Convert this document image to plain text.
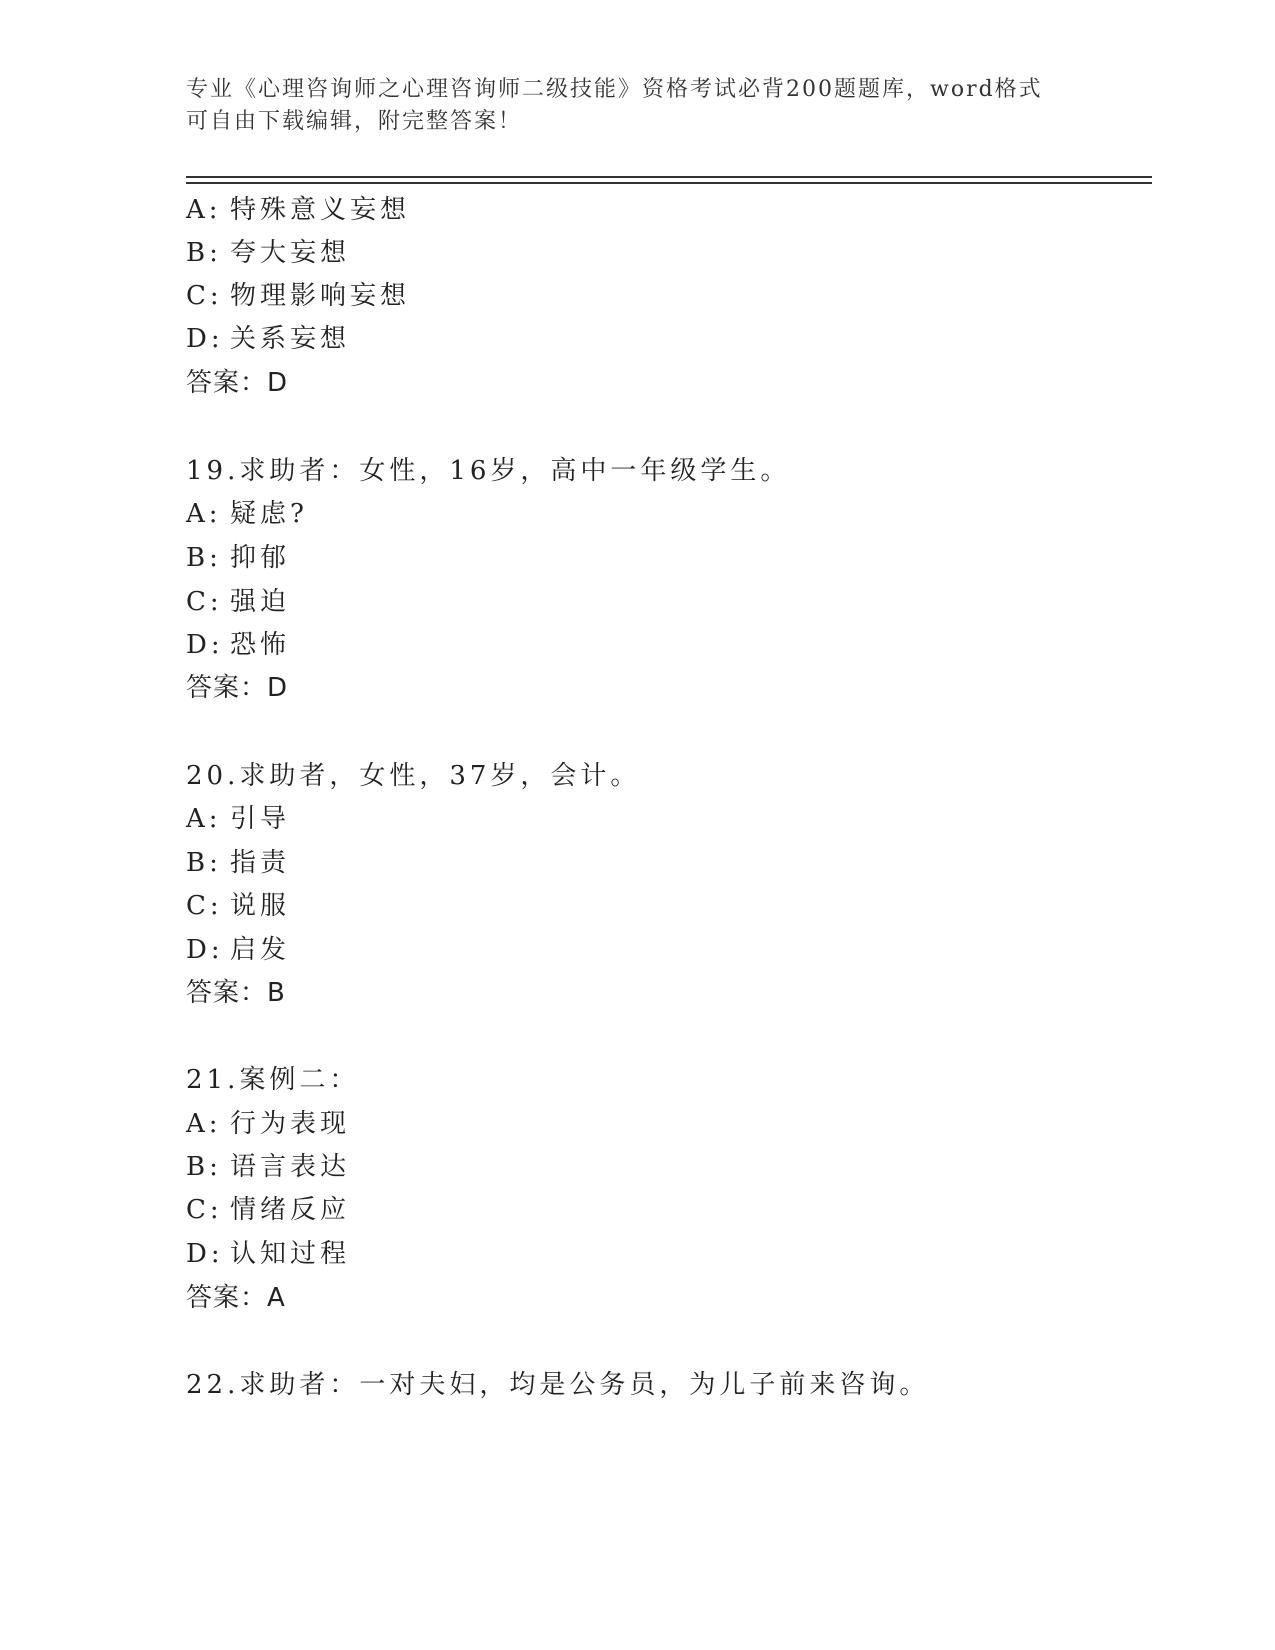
专业《心理咨询师之心理咨询师二级技能》资格考试必背200题题库，word格式

可自由下载编辑，附完整答案！

A: 特殊意义妄想
B: 夸大妄想
C: 物理影响妄想
D: 关系妄想
答案：D
19.求助者：女性，16岁，高中一年级学生。
A: 疑虑?
B: 抑郁
C: 强迫
D: 恐怖
答案：D
20.求助者，女性，37岁，会计。
A: 引导
B: 指责
C: 说服
D: 启发
答案：B
21.案例二：
A: 行为表现
B: 语言表达
C: 情绪反应
D: 认知过程
答案：A
22.求助者：一对夫妇，均是公务员，为儿子前来咨询。
